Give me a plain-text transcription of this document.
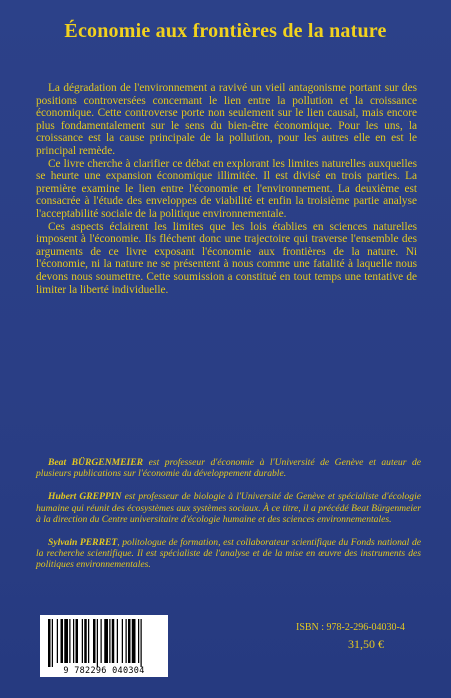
Économie aux frontières de la nature

La dégradation de l'environnement a ravivé un vieil antagonisme portant sur des positions controversées concernant le lien entre la pollution et la croissance économique. Cette controverse porte non seulement sur le lien causal, mais encore plus fondamentalement sur le sens du bien-être économique. Pour les uns, la croissance est la cause principale de la pollution, pour les autres elle en est le principal remède.

Ce livre cherche à clarifier ce débat en explorant les limites naturelles auxquelles se heurte une expansion économique illimitée. Il est divisé en trois parties. La première examine le lien entre l'économie et l'environnement. La deuxième est consacrée à l'étude des enveloppes de viabilité et enfin la troisième partie analyse l'acceptabilité sociale de la politique environnementale.

Ces aspects éclairent les limites que les lois établies en sciences naturelles imposent à l'économie. Ils fléchent donc une trajectoire qui traverse l'ensemble des arguments de ce livre exposant l'économie aux frontières de la nature. Ni l'économie, ni la nature ne se présentent à nous comme une fatalité à laquelle nous devons nous soumettre. Cette soumission a constitué en tout temps une tentative de limiter la liberté individuelle.

Beat BÜRGENMEIER est professeur d'économie à l'Université de Genève et auteur de plusieurs publications sur l'économie du développement durable.

Hubert GREPPIN est professeur de biologie à l'Université de Genève et spécialiste d'écologie humaine qui réunit des écosystèmes aux systèmes sociaux. À ce titre, il a précédé Beat Bürgenmeier à la direction du Centre universitaire d'écologie humaine et des sciences environnementales.

Sylvain PERRET, politologue de formation, est collaborateur scientifique du Fonds national de la recherche scientifique. Il est spécialiste de l'analyse et de la mise en œuvre des instruments des politiques environnementales.

9 782296 040304

ISBN : 978-2-296-04030-4

31,50 €
